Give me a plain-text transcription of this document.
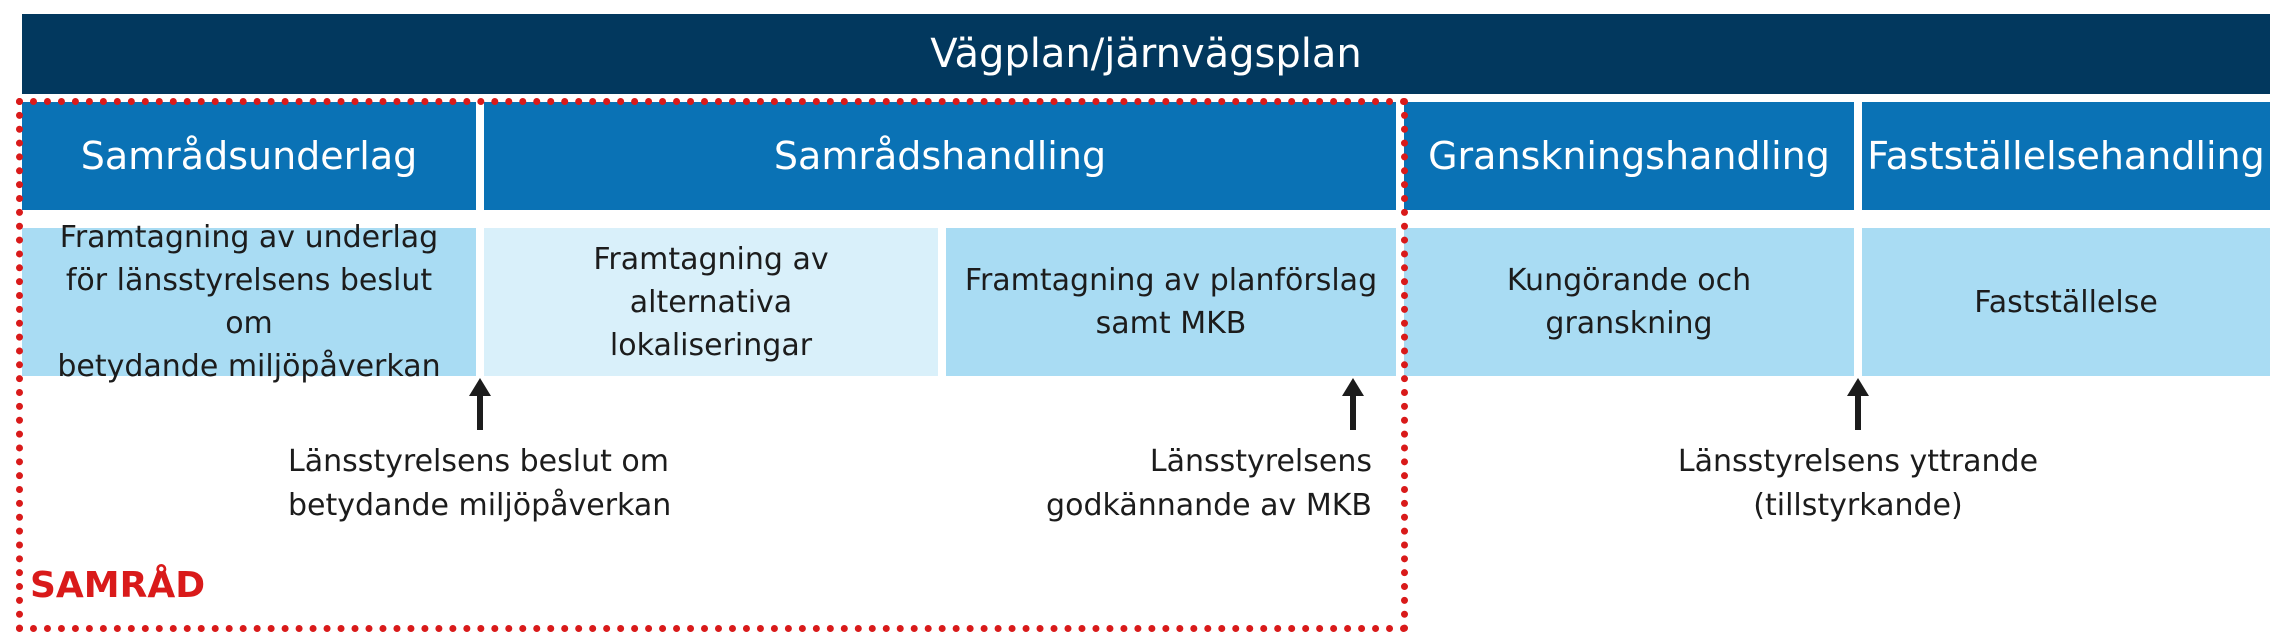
Vägplan/järnvägsplan
Samrådsunderlag	Samrådshandling	Granskningshandling Fastställelsehandling
Framtagning av underlag
för länsstyrelsens beslut om
betydande miljöpåverkan
Framtagning av
alternativa
lokaliseringar
Framtagning av planförslag
samt MKB
Kungörande och granskning
Fastställelse
Länsstyrelsens beslut om
betydande miljöpåverkan
Länsstyrelsens
godkännande av MKB
Länsstyrelsens yttrande
(tillstyrkande)
SAMRÅD
